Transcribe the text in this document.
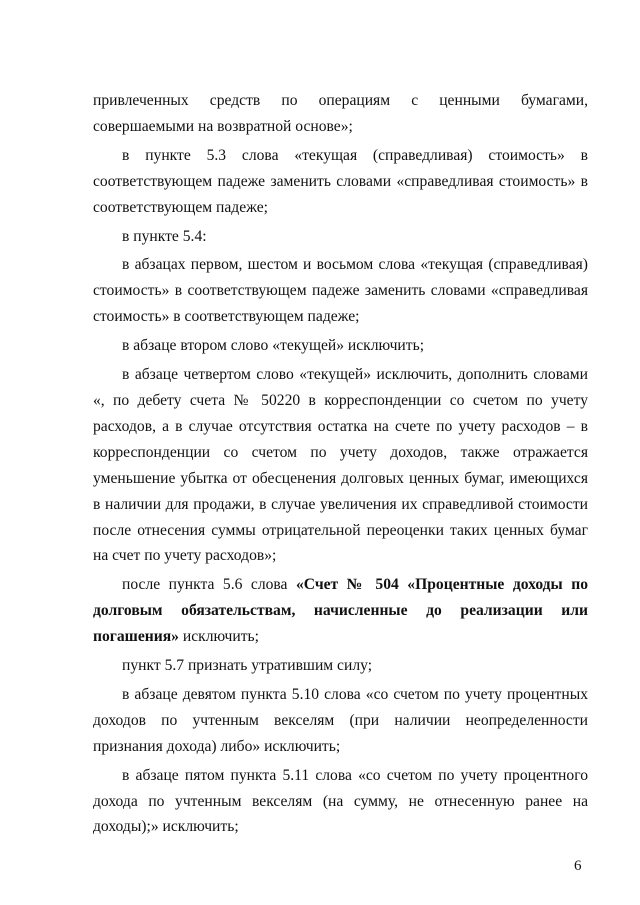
привлеченных средств по операциям с ценными бумагами, совершаемыми на возвратной основе»;

в пункте 5.3 слова «текущая (справедливая) стоимость» в соответствующем падеже заменить словами «справедливая стоимость» в соответствующем падеже;

в пункте 5.4:

в абзацах первом, шестом и восьмом слова «текущая (справедливая) стоимость» в соответствующем падеже заменить словами «справедливая стоимость» в соответствующем падеже;

в абзаце втором слово «текущей» исключить;

в абзаце четвертом слово «текущей» исключить, дополнить словами «, по дебету счета № 50220 в корреспонденции со счетом по учету расходов, а в случае отсутствия остатка на счете по учету расходов – в корреспонденции со счетом по учету доходов, также отражается уменьшение убытка от обесценения долговых ценных бумаг, имеющихся в наличии для продажи, в случае увеличения их справедливой стоимости после отнесения суммы отрицательной переоценки таких ценных бумаг на счет по учету расходов»;

после пункта 5.6 слова «Счет № 504 «Процентные доходы по долговым обязательствам, начисленные до реализации или погашения» исключить;

пункт 5.7 признать утратившим силу;

в абзаце девятом пункта 5.10 слова «со счетом по учету процентных доходов по учтенным векселям (при наличии неопределенности признания дохода) либо» исключить;

в абзаце пятом пункта 5.11 слова «со счетом по учету процентного дохода по учтенным векселям (на сумму, не отнесенную ранее на доходы);» исключить;

6
